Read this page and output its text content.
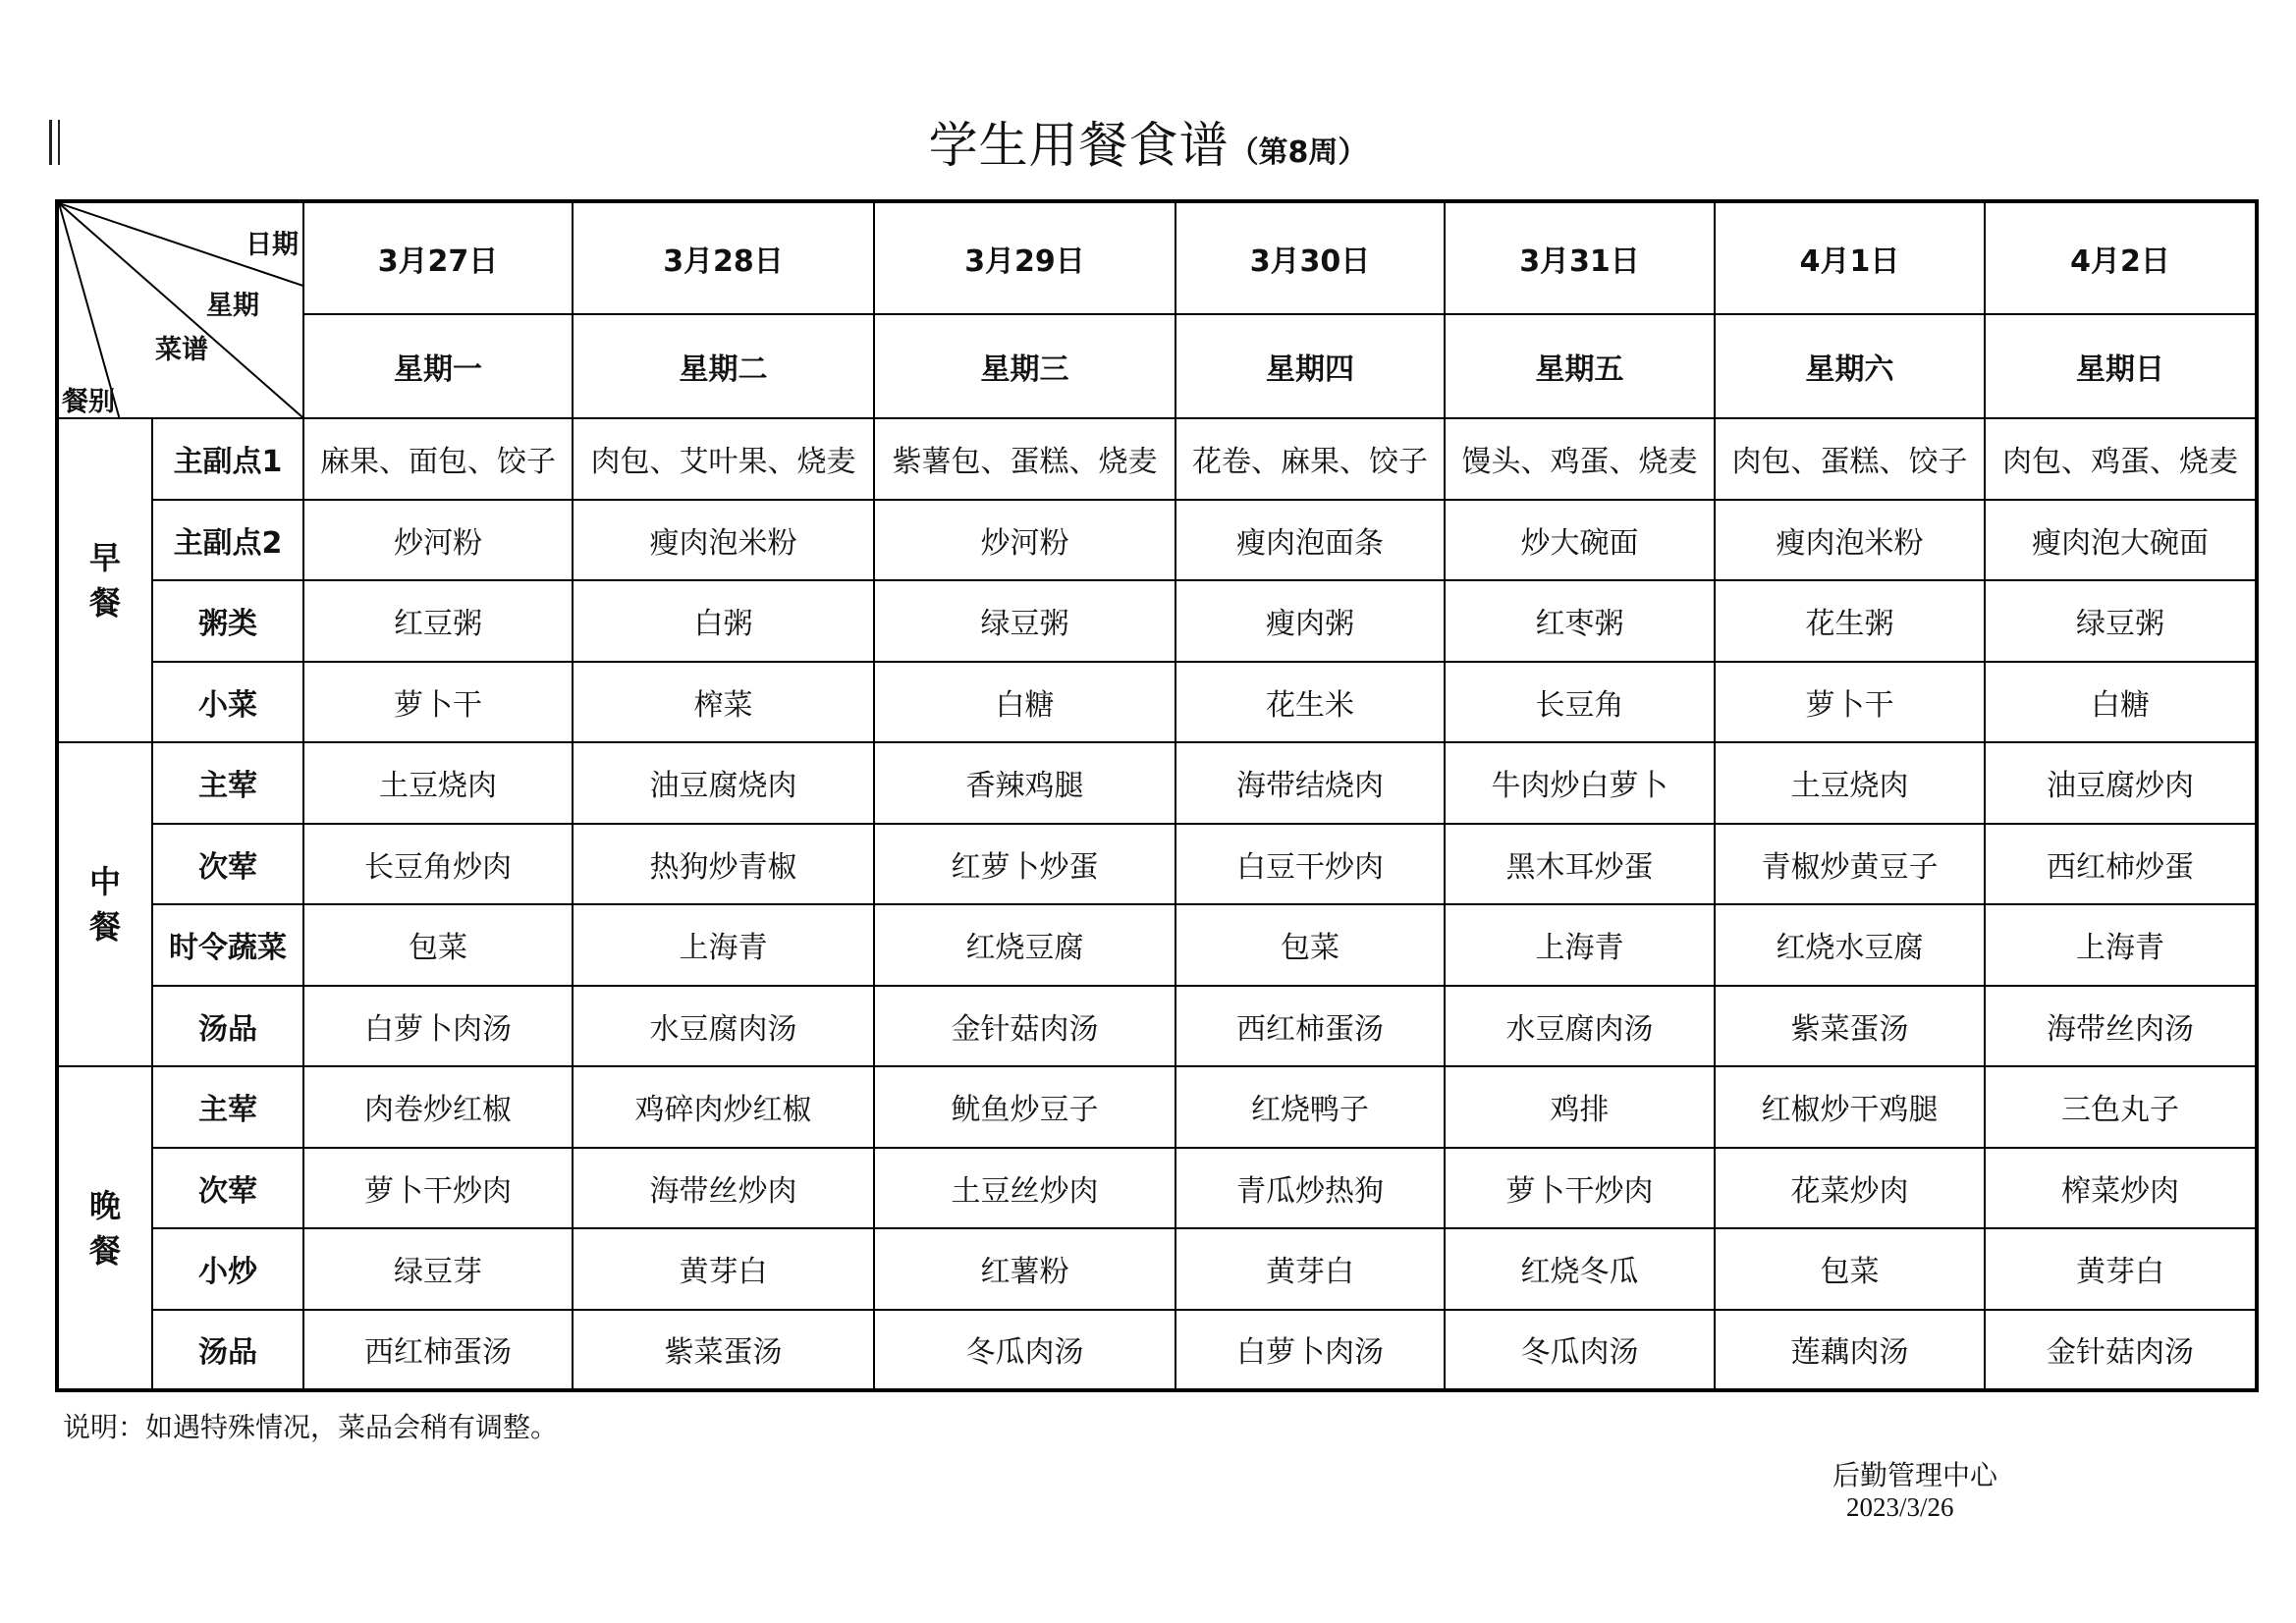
学生用餐食谱（第8周）
日期
星期
菜谱
餐别		3月27日	3月28日	3月29日	3月30日	3月31日	4月1日	4月2日
		星期一	星期二	星期三	星期四	星期五	星期六	星期日

早
餐	主副点1	麻果、面包、饺子	肉包、艾叶果、烧麦	紫薯包、蛋糕、烧麦	花卷、麻果、饺子	馒头、鸡蛋、烧麦	肉包、蛋糕、饺子	肉包、鸡蛋、烧麦
	主副点2	炒河粉	瘦肉泡米粉	炒河粉	瘦肉泡面条	炒大碗面	瘦肉泡米粉	瘦肉泡大碗面
	粥类	红豆粥	白粥	绿豆粥	瘦肉粥	红枣粥	花生粥	绿豆粥
	小菜	萝卜干	榨菜	白糖	花生米	长豆角	萝卜干	白糖

中
餐	主荤	土豆烧肉	油豆腐烧肉	香辣鸡腿	海带结烧肉	牛肉炒白萝卜	土豆烧肉	油豆腐炒肉
	次荤	长豆角炒肉	热狗炒青椒	红萝卜炒蛋	白豆干炒肉	黑木耳炒蛋	青椒炒黄豆子	西红柿炒蛋
	时令蔬菜	包菜	上海青	红烧豆腐	包菜	上海青	红烧水豆腐	上海青
	汤品	白萝卜肉汤	水豆腐肉汤	金针菇肉汤	西红柿蛋汤	水豆腐肉汤	紫菜蛋汤	海带丝肉汤

晚
餐	主荤	肉卷炒红椒	鸡碎肉炒红椒	鱿鱼炒豆子	红烧鸭子	鸡排	红椒炒干鸡腿	三色丸子
	次荤	萝卜干炒肉	海带丝炒肉	土豆丝炒肉	青瓜炒热狗	萝卜干炒肉	花菜炒肉	榨菜炒肉
	小炒	绿豆芽	黄芽白	红薯粉	黄芽白	红烧冬瓜	包菜	黄芽白
	汤品	西红柿蛋汤	紫菜蛋汤	冬瓜肉汤	白萝卜肉汤	冬瓜肉汤	莲藕肉汤	金针菇肉汤
说明：如遇特殊情况，菜品会稍有调整。
后勤管理中心
2023/3/26
